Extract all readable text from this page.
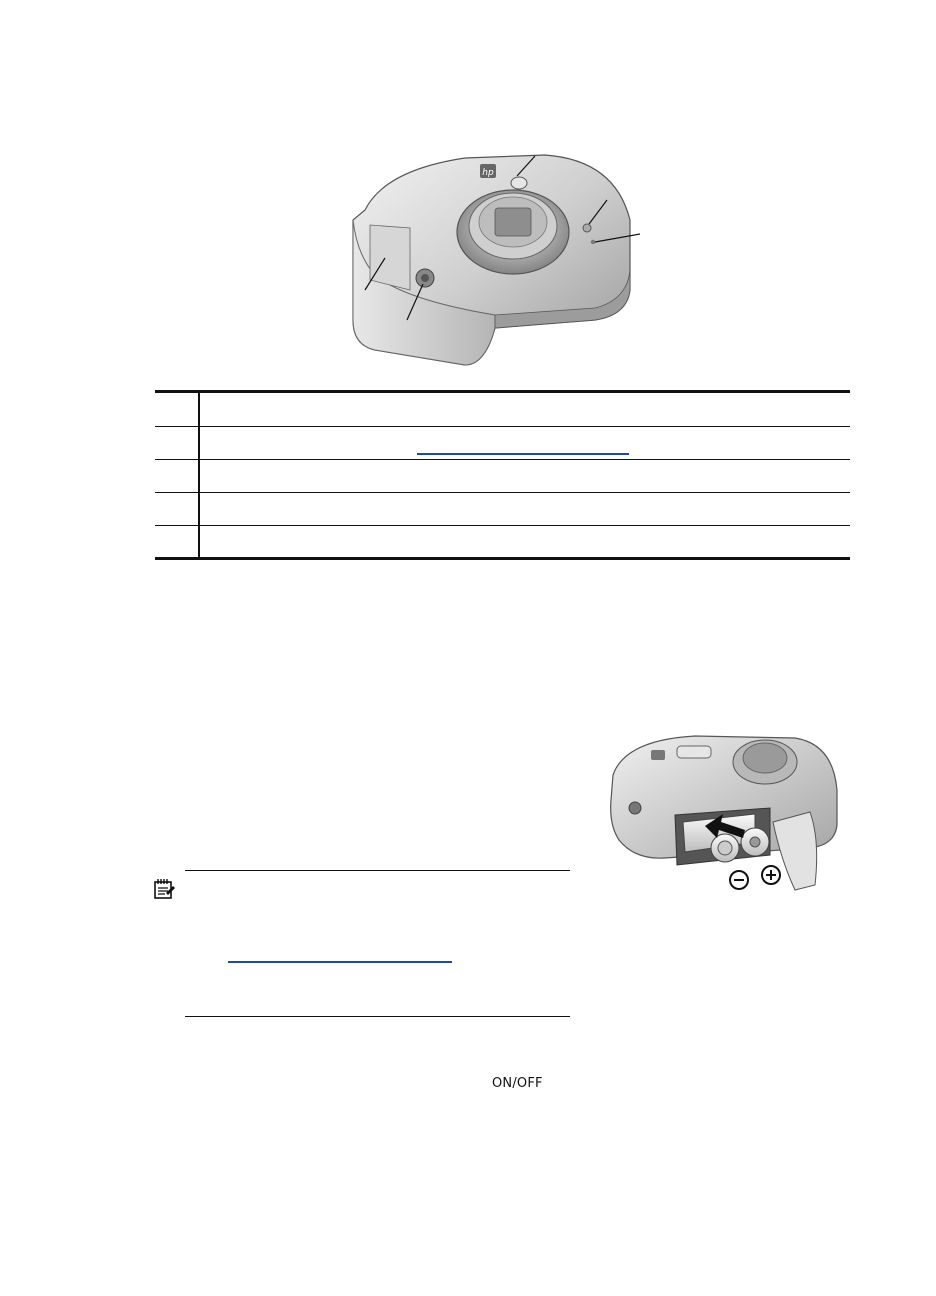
hp
ON/OFF
